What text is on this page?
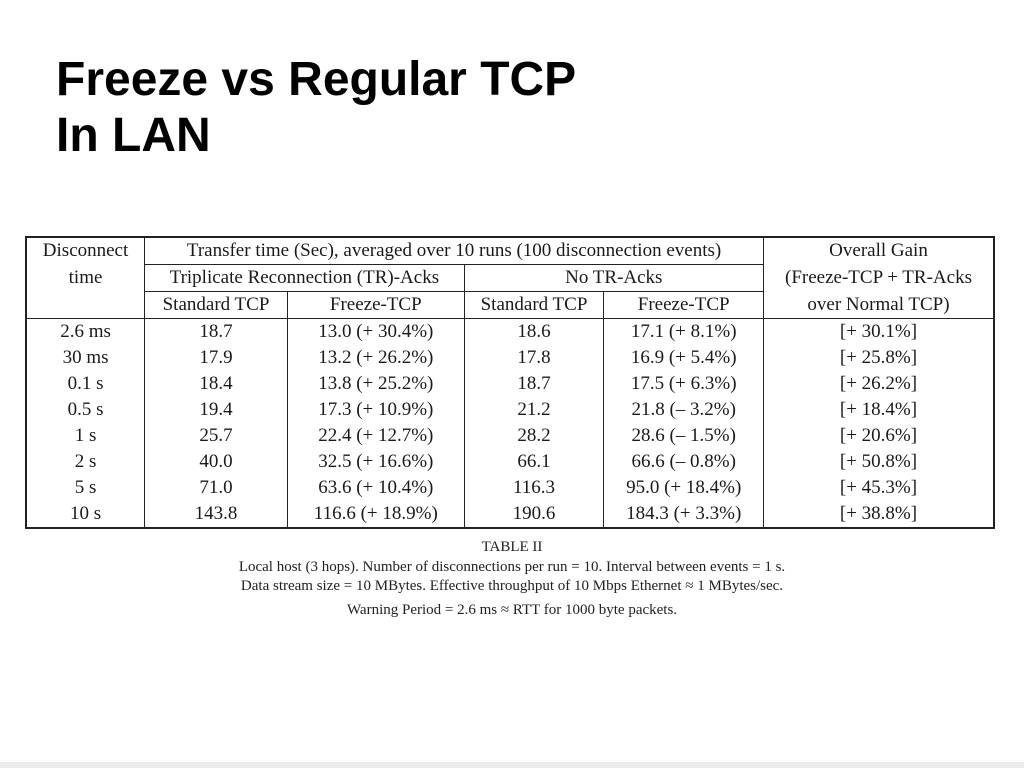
Freeze vs Regular TCP
In LAN
Disconnect	Transfer time (Sec), averaged over 10 runs (100 disconnection events)				Overall Gain
time	Triplicate Reconnection (TR)-Acks		No TR-Acks		(Freeze-TCP + TR-Acks
	Standard TCP	Freeze-TCP	Standard TCP	Freeze-TCP	over Normal TCP)
2.6 ms	18.7	13.0 (+ 30.4%)	18.6	17.1 (+ 8.1%)	[+ 30.1%]
30 ms	17.9	13.2 (+ 26.2%)	17.8	16.9 (+ 5.4%)	[+ 25.8%]
0.1 s	18.4	13.8 (+ 25.2%)	18.7	17.5 (+ 6.3%)	[+ 26.2%]
0.5 s	19.4	17.3 (+ 10.9%)	21.2	21.8 (– 3.2%)	[+ 18.4%]
1 s	25.7	22.4 (+ 12.7%)	28.2	28.6 (– 1.5%)	[+ 20.6%]
2 s	40.0	32.5 (+ 16.6%)	66.1	66.6 (– 0.8%)	[+ 50.8%]
5 s	71.0	63.6 (+ 10.4%)	116.3	95.0 (+ 18.4%)	[+ 45.3%]
10 s	143.8	116.6 (+ 18.9%)	190.6	184.3 (+ 3.3%)	[+ 38.8%]
TABLE II
Local host (3 hops). Number of disconnections per run = 10. Interval between events = 1 s.
Data stream size = 10 MBytes. Effective throughput of 10 Mbps Ethernet ≈ 1 MBytes/sec.
Warning Period = 2.6 ms ≈ RTT for 1000 byte packets.
